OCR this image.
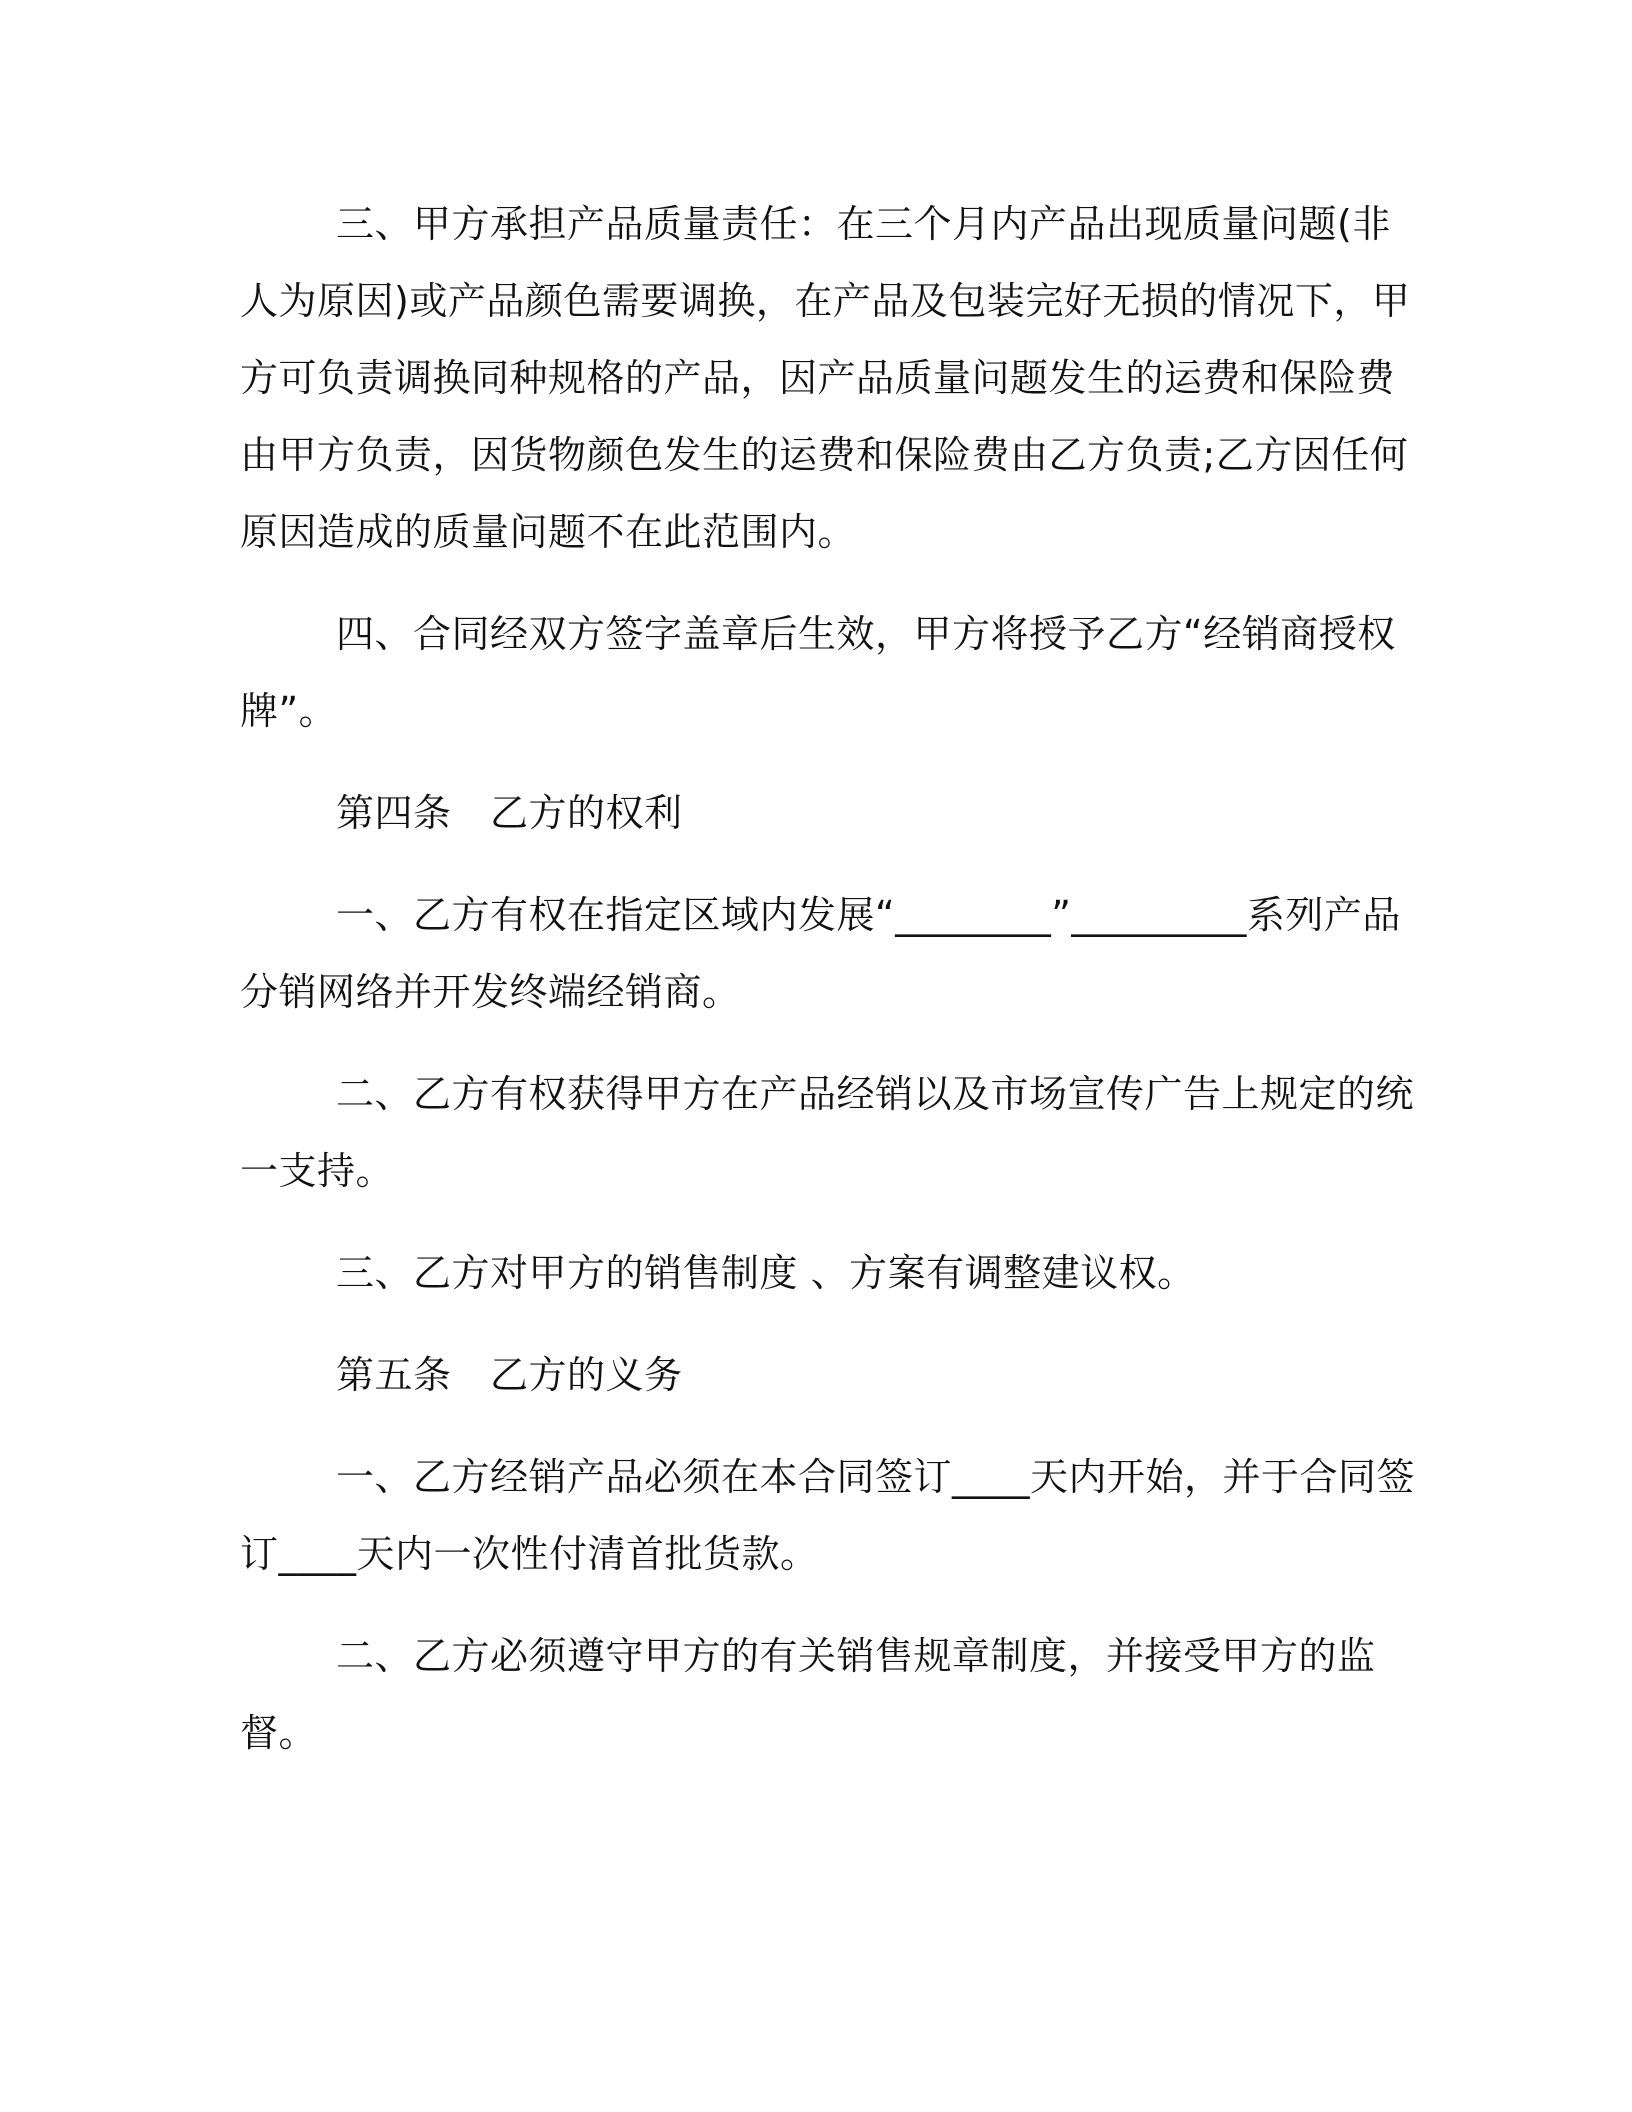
三、甲方承担产品质量责任：在三个月内产品出现质量问题(非人为原因)或产品颜色需要调换，在产品及包装完好无损的情况下，甲方可负责调换同种规格的产品，因产品质量问题发生的运费和保险费由甲方负责，因货物颜色发生的运费和保险费由乙方负责;乙方因任何原因造成的质量问题不在此范围内。

四、合同经双方签字盖章后生效，甲方将授予乙方“经销商授权牌”。

第四条　乙方的权利

一、乙方有权在指定区域内发展“________”_________系列产品分销网络并开发终端经销商。

二、乙方有权获得甲方在产品经销以及市场宣传广告上规定的统一支持。

三、乙方对甲方的销售制度 、方案有调整建议权。

第五条　乙方的义务

一、乙方经销产品必须在本合同签订____天内开始，并于合同签订____天内一次性付清首批货款。

二、乙方必须遵守甲方的有关销售规章制度，并接受甲方的监督。
